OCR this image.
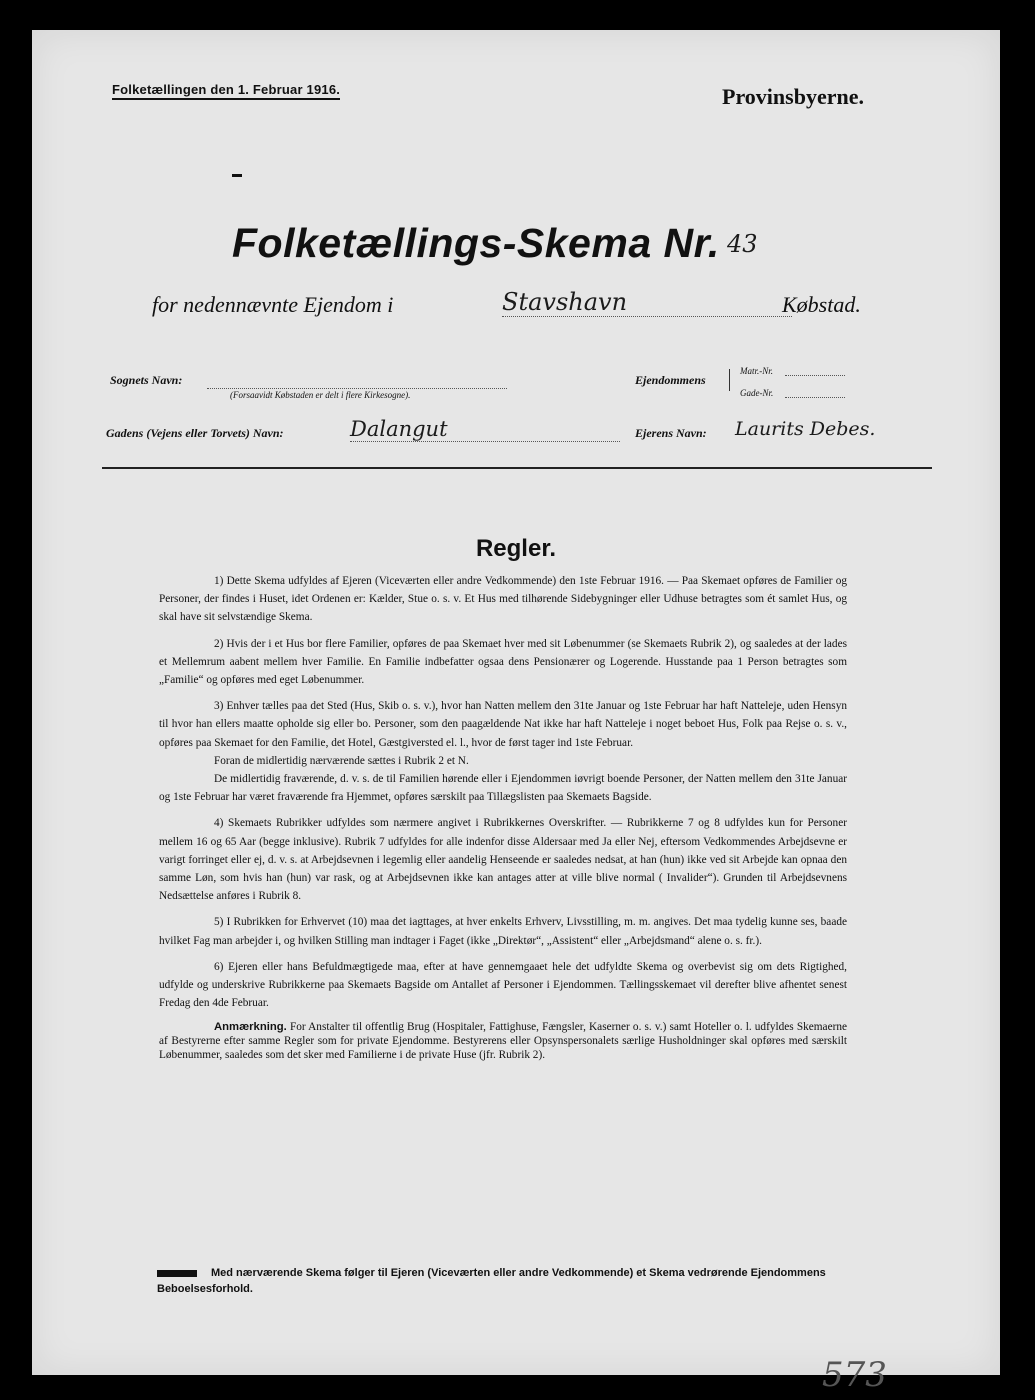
Folketællingen den 1. Februar 1916.	Provinsbyerne.
Folketællings-Skema Nr. 43
for nedennævnte Ejendom i	Stavshavn	Købstad.
Sognets Navn:
(Forsaavidt Købstaden er delt i flere Kirkesogne).
Ejendommens
Matr.-Nr.
Gade-Nr.
Gadens (Vejens eller Torvets) Navn:	Dalangut	Ejerens Navn: Laurits Debes.
Regler.

1) Dette Skema udfyldes af Ejeren (Viceværten eller andre Vedkommende) den 1ste Februar 1916. — Paa Skemaet opføres de Familier og Personer, der findes i Huset, idet Ordenen er: Kælder, Stue o. s. v. Et Hus med tilhørende Sidebygninger eller Udhuse betragtes som ét samlet Hus, og skal have sit selvstændige Skema.

2) Hvis der i et Hus bor flere Familier, opføres de paa Skemaet hver med sit Løbenummer (se Skemaets Rubrik 2), og saaledes at der lades et Mellemrum aabent mellem hver Familie. En Familie indbefatter ogsaa dens Pensionærer og Logerende. Husstande paa 1 Person betragtes som „Familie“ og opføres med eget Løbenummer.

3) Enhver tælles paa det Sted (Hus, Skib o. s. v.), hvor han Natten mellem den 31te Januar og 1ste Februar har haft Natteleje, uden Hensyn til hvor han ellers maatte opholde sig eller bo. Personer, som den paagældende Nat ikke har haft Natteleje i noget beboet Hus, Folk paa Rejse o. s. v., opføres paa Skemaet for den Familie, det Hotel, Gæstgiversted el. l., hvor de først tager ind 1ste Februar.

Foran de midlertidig nærværende sættes i Rubrik 2 et N.

De midlertidig fraværende, d. v. s. de til Familien hørende eller i Ejendommen iøvrigt boende Personer, der Natten mellem den 31te Januar og 1ste Februar har været fraværende fra Hjemmet, opføres særskilt paa Tillægslisten paa Skemaets Bagside.

4) Skemaets Rubrikker udfyldes som nærmere angivet i Rubrikkernes Overskrifter. — Rubrikkerne 7 og 8 udfyldes kun for Personer mellem 16 og 65 Aar (begge inklusive). Rubrik 7 udfyldes for alle indenfor disse Aldersaar med Ja eller Nej, eftersom Vedkommendes Arbejdsevne er varigt forringet eller ej, d. v. s. at Arbejdsevnen i legemlig eller aandelig Henseende er saaledes nedsat, at han (hun) ikke ved sit Arbejde kan opnaa den samme Løn, som hvis han (hun) var rask, og at Arbejdsevnen ikke kan antages atter at ville blive normal ( Invalider“). Grunden til Arbejdsevnens Nedsættelse anføres i Rubrik 8.

5) I Rubrikken for Erhvervet (10) maa det iagttages, at hver enkelts Erhverv, Livsstilling, m. m. angives. Det maa tydelig kunne ses, baade hvilket Fag man arbejder i, og hvilken Stilling man indtager i Faget (ikke „Direktør“, „Assistent“ eller „Arbejdsmand“ alene o. s. fr.).

6) Ejeren eller hans Befuldmægtigede maa, efter at have gennemgaaet hele det udfyldte Skema og overbevist sig om dets Rigtighed, udfylde og underskrive Rubrikkerne paa Skemaets Bagside om Antallet af Personer i Ejendommen. Tællingsskemaet vil derefter blive afhentet senest Fredag den 4de Februar.

Anmærkning. For Anstalter til offentlig Brug (Hospitaler, Fattighuse, Fængsler, Kaserner o. s. v.) samt Hoteller o. l. udfyldes Skemaerne af Bestyrerne efter samme Regler som for private Ejendomme. Bestyrerens eller Opsynspersonalets særlige Husholdninger skal opføres med særskilt Løbenummer, saaledes som det sker med Familierne i de private Huse (jfr. Rubrik 2).

Med nærværende Skema følger til Ejeren (Viceværten eller andre Vedkommende) et Skema vedrørende Ejendommens Beboelsesforhold.
573
